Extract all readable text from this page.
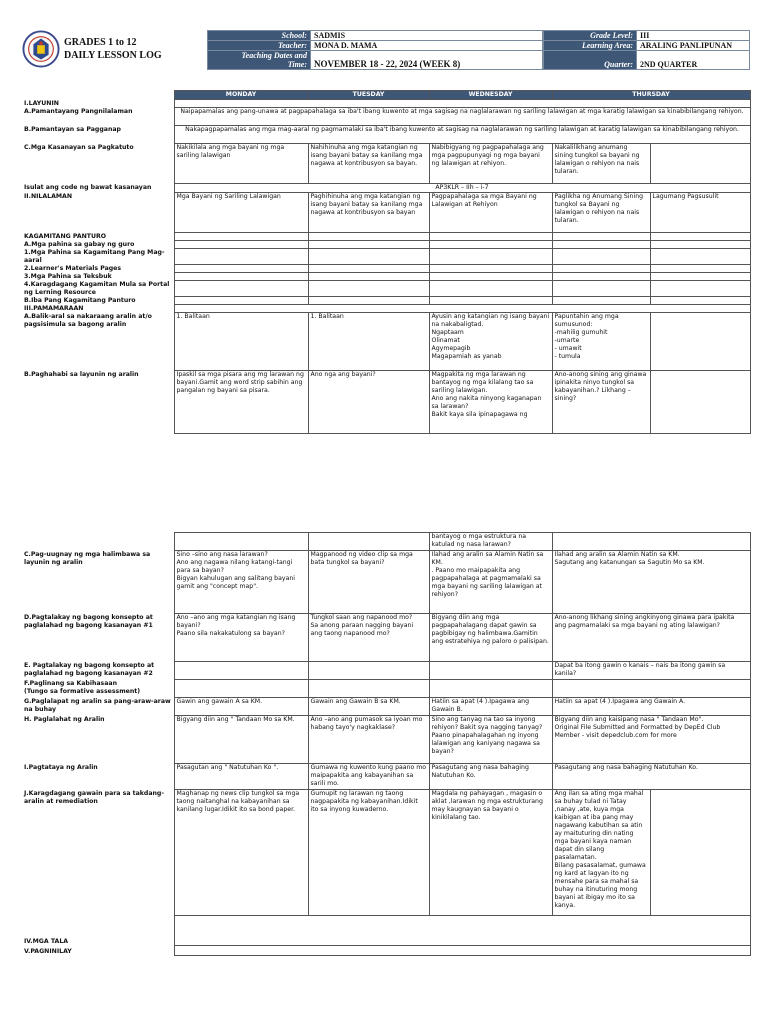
GRADES 1 to 12
DAILY LESSON LOG
School:	SADMIS
Teacher:	MONA D. MAMA

Teaching Dates and
Time:	NOVEMBER 18 - 22, 2024 (WEEK 8)
Grade Level:	III
Learning Area:	ARALING PANLIPUNAN
Quarter:	2ND QUARTER
	MONDAY	TUESDAY	WEDNESDAY	THURSDAY	
I.LAYUNIN					
A.Pamantayang Pangnilalaman	Naipapamalas ang pang-unawa at pagpapahalaga sa iba't ibang kuwento at mga sagisag na naglalarawan ng sariling lalawigan at mga karatig lalawigan sa kinabibilangang rehiyon.				
B.Pamantayan sa Pagganap	Nakapagpapamalas ang mga mag-aaral ng pagmamalaki sa iba't ibang kuwento at sagisag na naglalarawan ng sariling lalawigan at karatig lalawigan sa kinabibilangang rehiyon.				
C.Mga Kasanayan sa Pagkatuto	Nakikilala ang mga bayani ng mga sariling lalawigan	Nahihinuha ang mga katangian ng isang bayani batay sa kanilang mga nagawa at kontribusyon sa bayan.	Nabibigyang ng pagpapahalaga ang mga pagpupunyagi ng mga bayani ng lalawigan at rehiyon.	Nakalilikhang anumang sining tungkol sa bayani ng lalawigan o rehiyon na nais tularan.	
Isulat ang code ng bawat kasanayan	AP3KLR – IIh – i-7				
II.NILALAMAN	Mga Bayani ng Sariling Lalawigan	Paghihinuha ang mga katangian ng isang bayani batay sa kanilang mga nagawa at kontribusyon sa bayan	Pagpapahalaga sa mga Bayani ng Lalawigan at Rehiyon	Paglikha ng Anumang Sining tungkol sa Bayani ng lalawigan o rehiyon na nais tularan.	Lagumang Pagsusulit
KAGAMITANG PANTURO					
A.Mga pahina sa gabay ng guro					
1.Mga Pahina sa Kagamitang Pang Mag-aaral					
2.Learner's Materials Pages					
3.Mga Pahina sa Teksbuk					
4.Karagdagang Kagamitan Mula sa Portal ng Lerning Resource					
B.Iba Pang Kagamitang Panturo					
III.PAMAMARAAN					
A.Balik-aral sa nakaraang aralin at/o pagsisimula sa bagong aralin	1. Balitaan	1. Balitaan	Ayusin ang katangian ng isang bayani na nakabaligtad.
Ngaptaam
Olinamat
Agymepagib
Magapamiah as yanab	Papuntahin ang mga sumusunod:
-mahilig gumuhit
-umarte
- umawit
- tumula	
B.Paghahabi sa layunin ng aralin	Ipaskil sa mga pisara ang mg larawan ng bayani.Gamit ang word strip sabihin ang pangalan ng bayani sa pisara.	Ano nga ang bayani?	Magpakita ng mga larawan ng bantayog ng mga kilalang tao sa sariling lalawigan.
Ano ang nakita ninyong kaganapan sa larawan?
Bakit kaya sila ipinapagawa ng	Ano-anong sining ang ginawa ipinakita ninyo tungkol sa kabayanihan.? Likhang –sining?	
			bantayog o mga estruktura na katulad ng nasa larawan?		
C.Pag-uugnay ng mga halimbawa sa layunin ng aralin	Sino –sino ang nasa larawan?
Ano ang nagawa nilang katangi-tangi para sa bayan?
Bigyan kahulugan ang salitang bayani gamit ang "concept map".	Magpanood ng video clip sa mga bata tungkol sa bayani?	Ilahad ang aralin sa Alamin Natin sa KM.
. Paano mo maipapakita ang pagpapahalaga at pagmamalaki sa mga bayani ng sariling lalawigan at rehiyon?	Ilahad ang aralin sa Alamin Natin sa KM.
Sagutang ang katanungan sa Sagutin Mo sa KM.	
D.Pagtalakay ng bagong konsepto at paglalahad ng bagong kasanayan #1	Ano –ano ang mga katangian ng isang bayani?
Paano sila nakakatulong sa bayan?	Tungkol saan ang napanood mo?
Sa anong paraan nagging bayani ang taong napanood mo?	Bigyang diin ang mga pagpapahalagang dapat gawin sa pagbibigay ng halimbawa.Gamitin ang estratehiya ng paloro o palisipan.	Ano-anong likhang sining angkinyong ginawa para ipakita ang pagmamalaki sa mga bayani ng ating lalawigan?	
E. Pagtalakay ng bagong konsepto at paglalahad ng bagong kasanayan #2				Dapat ba itong gawin o kanais – nais ba itong gawin sa kanila?	
F.Paglinang sa Kabihasaan
(Tungo sa formative assessment)					
G.Paglalapat ng aralin sa pang-araw-araw na buhay	Gawin ang gawain A sa KM.	Gawain ang Gawain B sa KM.	Hatiin sa apat (4 ).Ipagawa ang Gawain B.	Hatiin sa apat (4 ).Ipagawa ang Gawain A.	
H. Paglalahat ng Aralin	Bigyang diin ang " Tandaan Mo sa KM.	Ano –ano ang pumasok sa iyoan mo habang tayo'y nagkaklase?	Sino ang tanyag na tao sa inyong rehiyon? Bakit sya nagging tanyag?Paano pinapahalagahan ng inyong lalawigan ang kaniyang nagawa sa bayan?	Bigyang diin ang kaisipang nasa " Tandaan Mo".
Original File Submitted and Formatted by DepEd Club Member - visit depedclub.com for more	
I.Pagtataya ng Aralin	Pasagutan ang " Natutuhan Ko ".	Gumawa ng kuwento kung paano mo maipapakita ang kabayanihan sa sarili mo.	Pasagutang ang nasa bahaging Natutuhan Ko.	Pasagutang ang nasa bahaging Natutuhan Ko.	
J.Karagdagang gawain para sa takdang-aralin at remediation	Maghanap ng news clip tungkol sa mga taong naitanghal na kabayanihan sa kanilang lugar.Idikit ito sa bond paper.	Gumupit ng larawan ng taong nagpapakita ng kabayanihan.Idikit ito sa inyong kuwaderno.	Magdala ng pahayagan , magasin o aklat ,larawan ng mga estrukturang may kaugnayan sa bayani o kinikilalang tao.	Ang ilan sa ating mga mahal sa buhay tulad ni Tatay ,nanay ,ate, kuya mga kaibigan at iba pang may nagawang kabutihan sa atin ay maituturing din nating mga bayani kaya naman dapat din silang pasalamatan.
Bilang pasasalamat, gumawa ng kard at lagyan ito ng mensahe para sa mahal sa buhay na itinuturing mong bayani at ibigay mo ito sa kanya.	
IV.MGA TALA					
V.PAGNINILAY					
